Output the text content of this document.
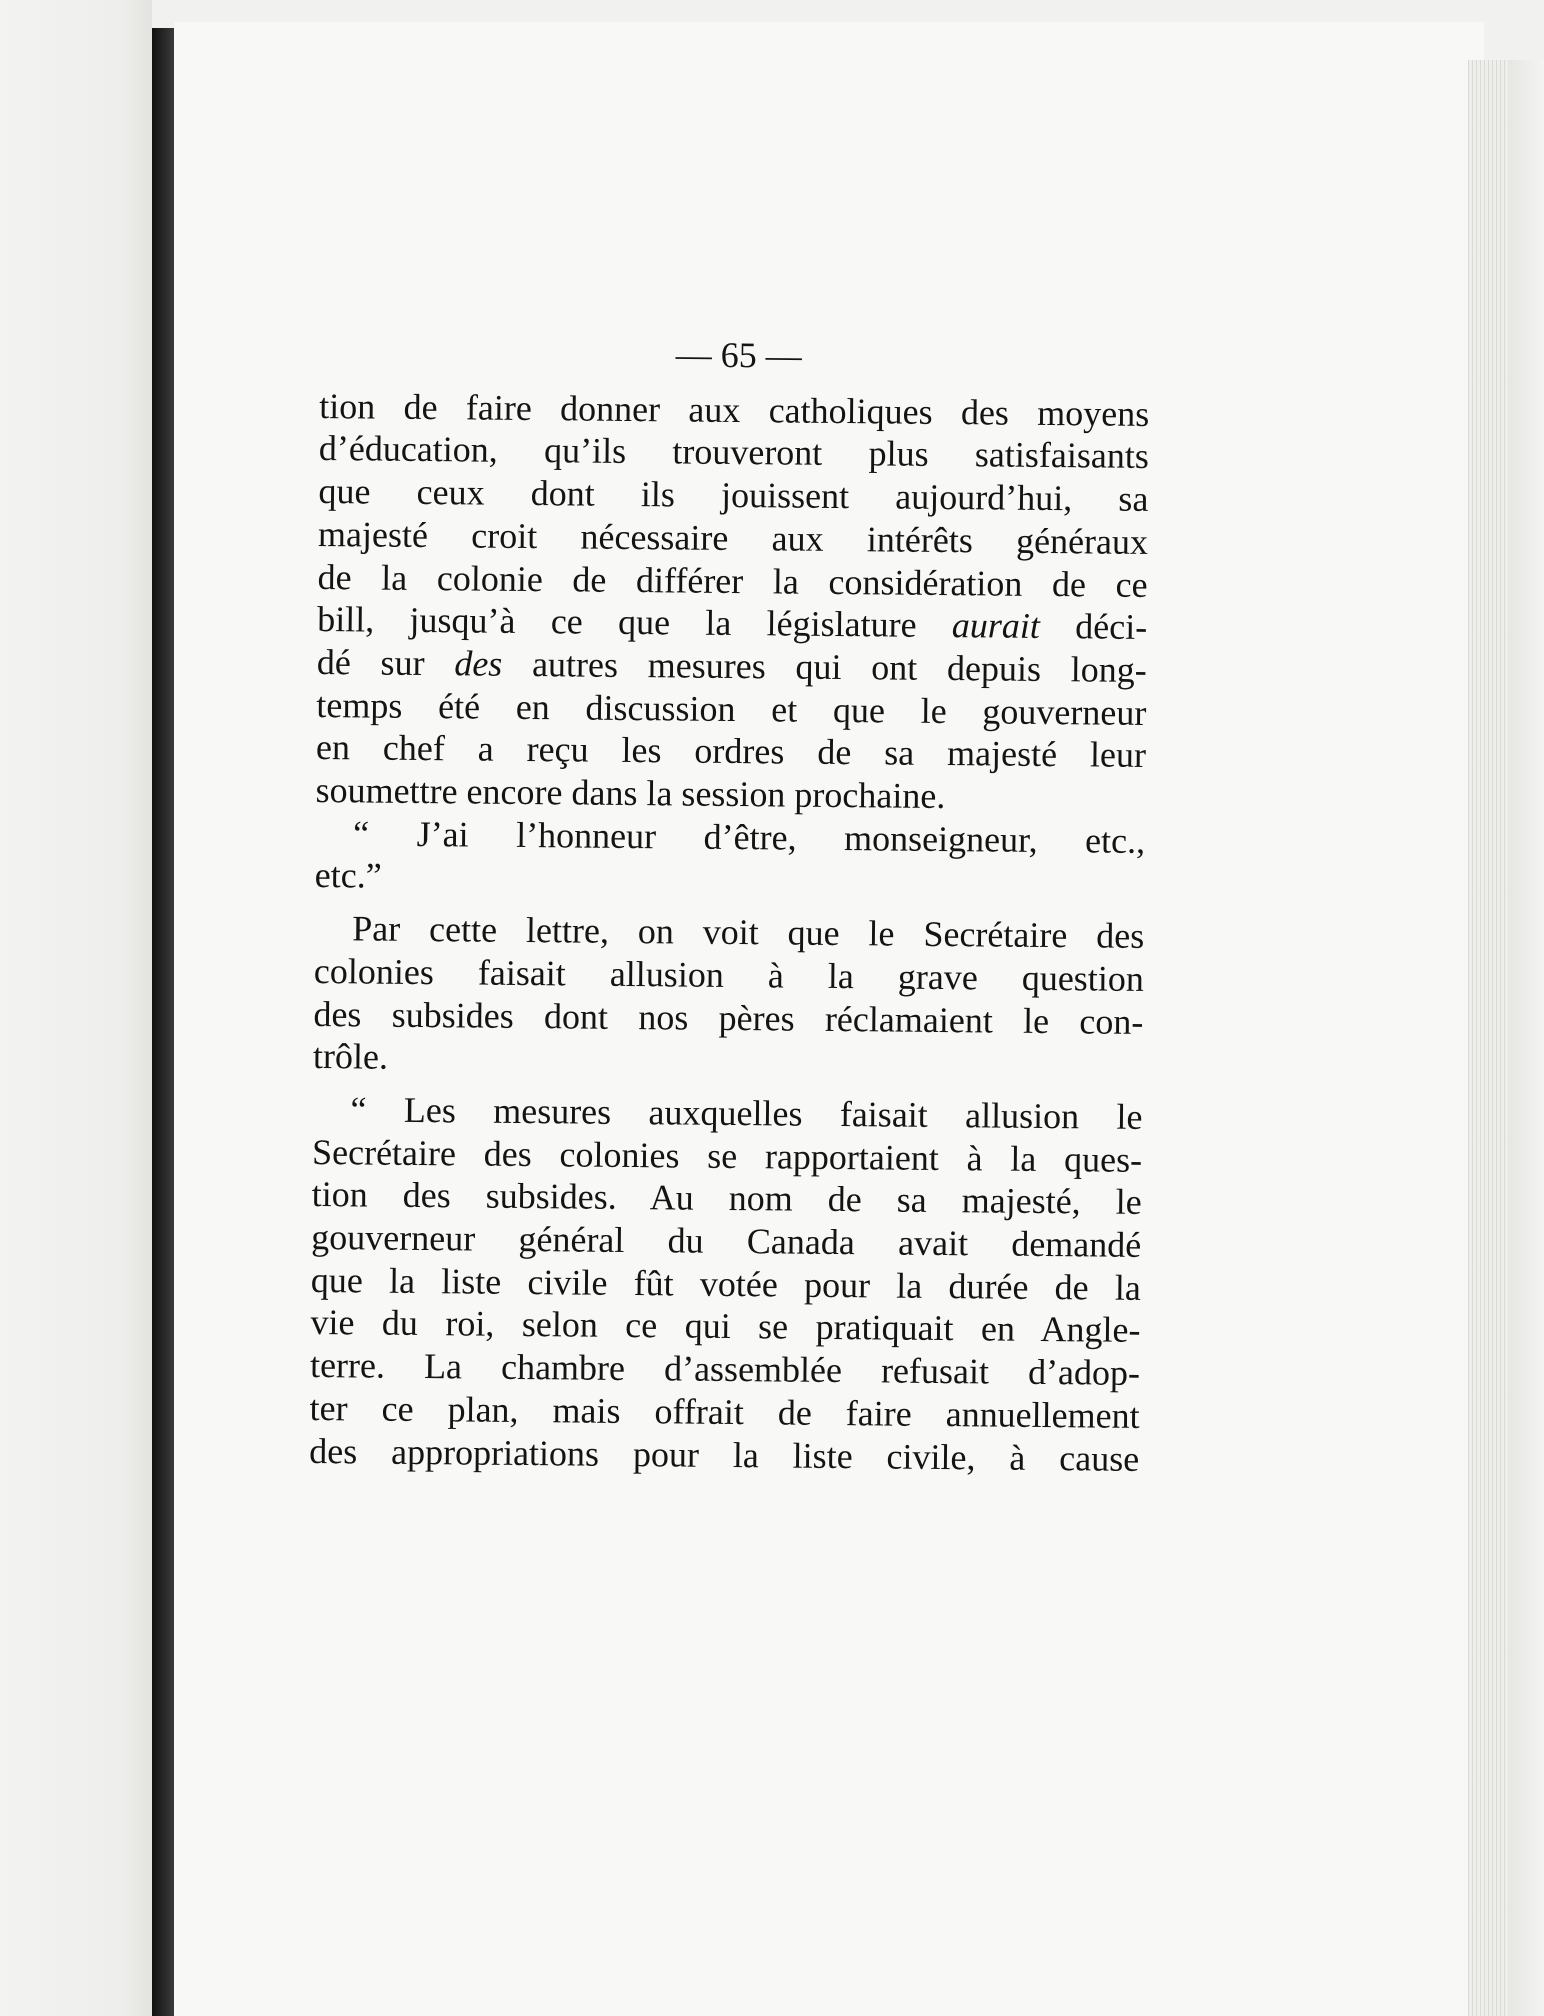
— 65 —
tion de faire donner aux catholiques des moyens
d’éducation, qu’ils trouveront plus satisfaisants
que ceux dont ils jouissent aujourd’hui, sa
majesté croit nécessaire aux intérêts généraux
de la colonie de différer la considération de ce
bill, jusqu’à ce que la législature aurait déci-
dé sur des autres mesures qui ont depuis long-
temps été en discussion et que le gouverneur
en chef a reçu les ordres de sa majesté leur
soumettre encore dans la session prochaine.
“ J’ai l’honneur d’être, monseigneur, etc.,
etc.”
Par cette lettre, on voit que le Secrétaire des
colonies faisait allusion à la grave question
des subsides dont nos pères réclamaient le con-
trôle.
“ Les mesures auxquelles faisait allusion le
Secrétaire des colonies se rapportaient à la ques-
tion des subsides. Au nom de sa majesté, le
gouverneur général du Canada avait demandé
que la liste civile fût votée pour la durée de la
vie du roi, selon ce qui se pratiquait en Angle-
terre. La chambre d’assemblée refusait d’adop-
ter ce plan, mais offrait de faire annuellement
des appropriations pour la liste civile, à cause
